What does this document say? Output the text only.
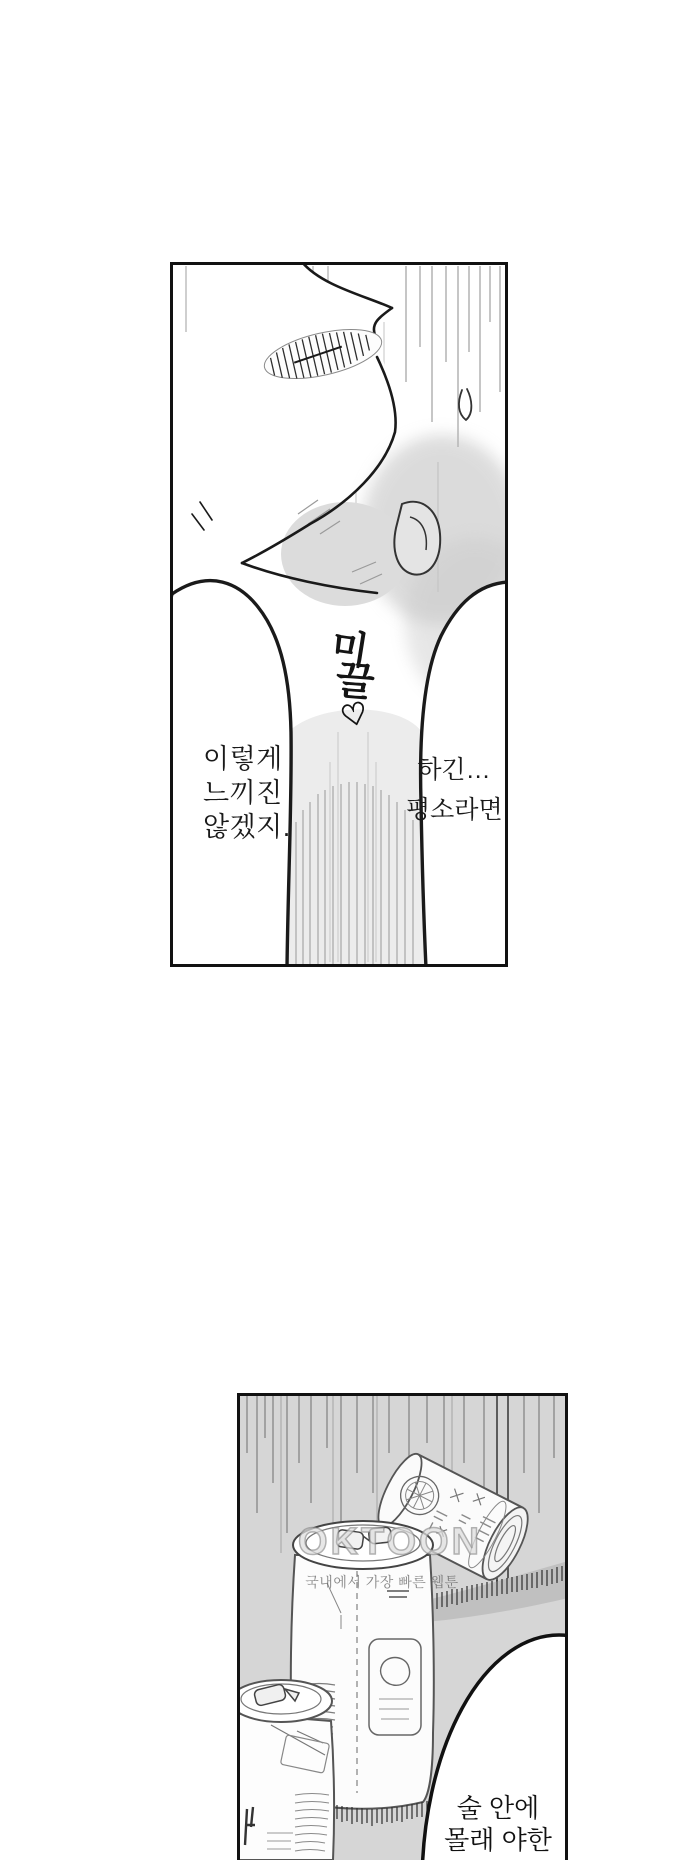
미
끌
♡
이렇게
느끼진
않겠지.
하긴…
평소라면
OKTOON
국내에서 가장 빠른 웹툰
술 안에
몰래 야한
